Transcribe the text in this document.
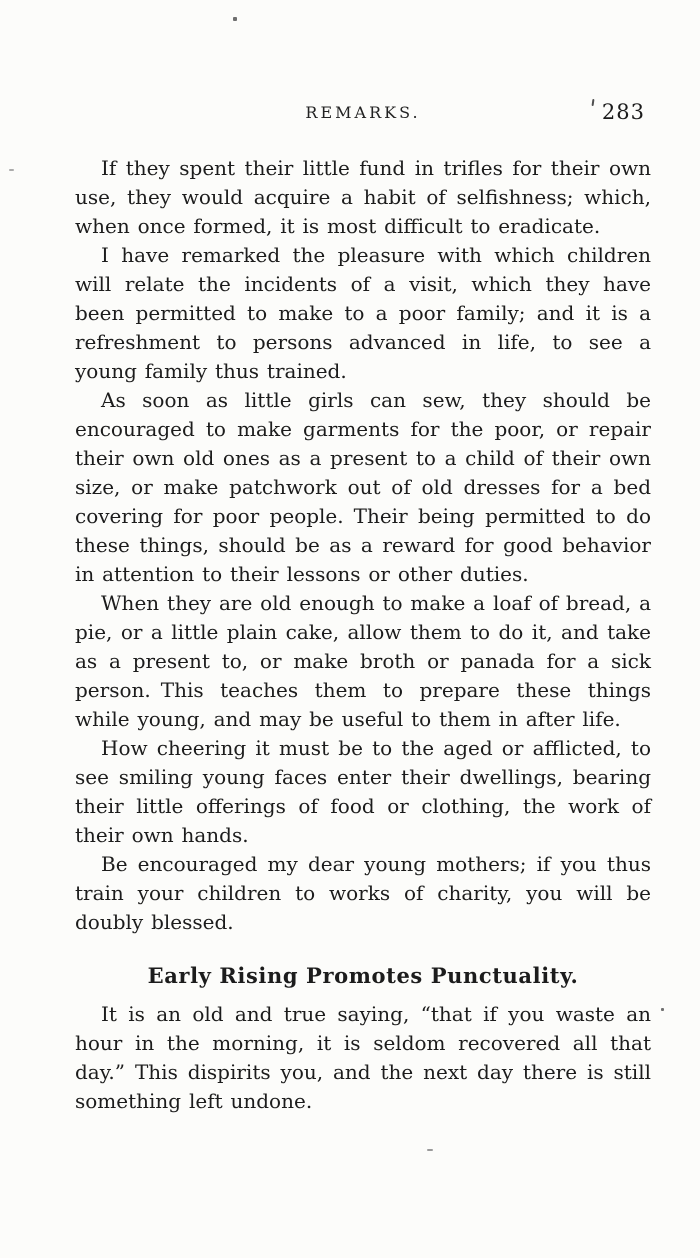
REMARKS.	283

If they spent their little fund in trifles for their own use, they would acquire a habit of selfishness; which, when once formed, it is most difficult to eradicate.

I have remarked the pleasure with which children will relate the incidents of a visit, which they have been permitted to make to a poor family; and it is a refreshment to persons advanced in life, to see a young family thus trained.

As soon as little girls can sew, they should be encouraged to make garments for the poor, or repair their own old ones as a present to a child of their own size, or make patchwork out of old dresses for a bed covering for poor people. Their being permitted to do these things, should be as a reward for good behavior in attention to their lessons or other duties.

When they are old enough to make a loaf of bread, a pie, or a little plain cake, allow them to do it, and take as a present to, or make broth or panada for a sick person. This teaches them to prepare these things while young, and may be useful to them in after life.

How cheering it must be to the aged or afflicted, to see smiling young faces enter their dwellings, bearing their little offerings of food or clothing, the work of their own hands.

Be encouraged my dear young mothers; if you thus train your children to works of charity, you will be doubly blessed.

Early Rising Promotes Punctuality.

It is an old and true saying, “that if you waste an hour in the morning, it is seldom recovered all that day.” This dispirits you, and the next day there is still something left undone.
